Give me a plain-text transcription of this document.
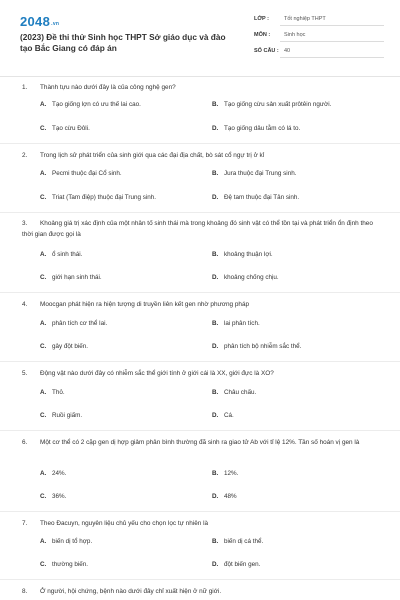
$2048^{.vn}$
(2023) Đề thi thử Sinh học THPT Sở giáo dục và đào tạo Bắc Giang có đáp án
LỚP :	Tốt nghiệp THPT
MÔN :	Sinh học
SỐ CÂU : 40
1. Thành tựu nào dưới đây là của công nghệ gen?
A. Tạo giống lợn có ưu thế lai cao.	B. Tạo giống cừu sản xuất prôtêin người.
C. Tạo cừu Đôli.	D. Tạo giống dâu tằm có lá to.
2. Trong lịch sử phát triển của sinh giới qua các đại địa chất, bò sát cổ ngự trị ở kỉ
A. Pecmi thuộc đại Cổ sinh.	B. Jura thuộc đại Trung sinh.
C. Triat (Tam điệp) thuộc đại Trung sinh.	D. Đệ tam thuộc đại Tân sinh.
3. Khoảng giá trị xác định của một nhân tố sinh thái mà trong khoảng đó sinh vật có thể tồn tại và phát triển ổn định theo thời gian được gọi là
A. ổ sinh thái.	B. khoảng thuận lợi.
C. giới hạn sinh thái.	D. khoảng chống chịu.
4. Moocgan phát hiện ra hiện tượng di truyền liên kết gen nhờ phương pháp
A. phân tích cơ thể lai.	B. lai phân tích.
C. gây đột biến.	D. phân tích bộ nhiễm sắc thể.
5. Động vật nào dưới đây có nhiễm sắc thể giới tính ở giới cái là XX, giới đực là XO?
A. Thỏ.	B. Châu chấu.
C. Ruồi giấm.	D. Cá.
6. Một cơ thể có 2 cặp gen dị hợp giảm phân bình thường đã sinh ra giao tử Ab với tỉ lệ 12%. Tần số hoán vị gen là
A. 24%.	B. 12%.
C. 36%.	D. 48%
7. Theo Đacuyn, nguyên liệu chủ yếu cho chọn lọc tự nhiên là
A. biến dị tổ hợp.	B. biến dị cá thể.
C. thường biến.	D. đột biến gen.
8. Ở người, hội chứng, bệnh nào dưới đây chỉ xuất hiện ở nữ giới.
